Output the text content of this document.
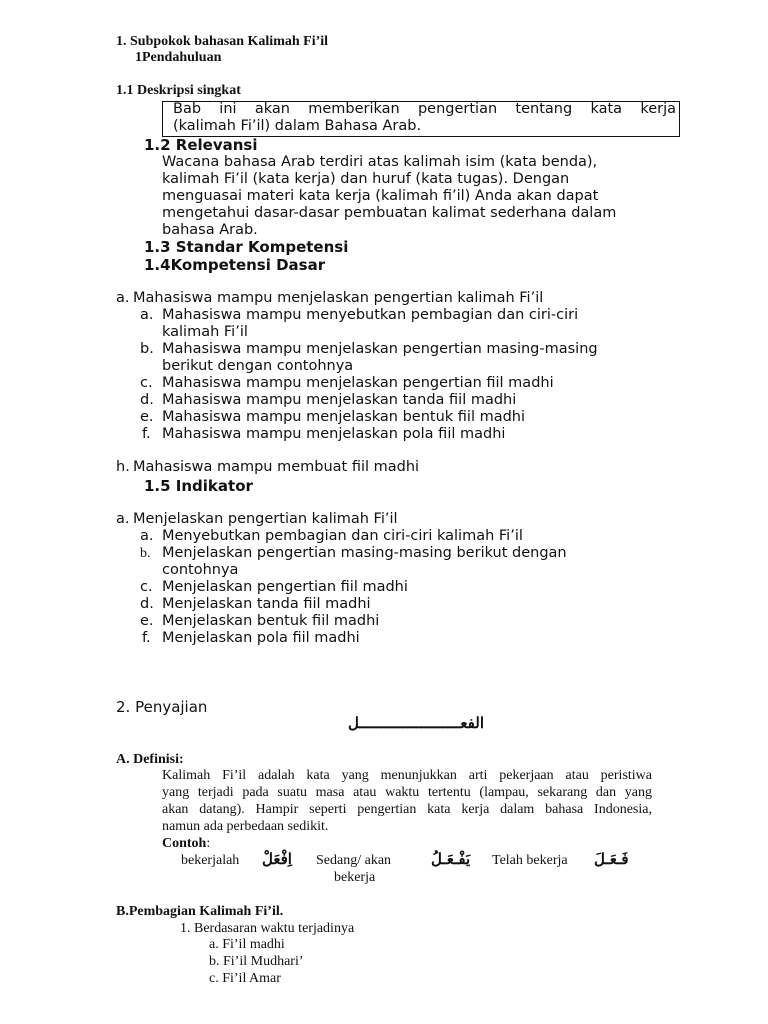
1. Subpokok bahasan Kalimah Fi’il
1Pendahuluan
1.1 Deskripsi singkat
Bab ini akan memberikan pengertian tentang kata kerja
(kalimah Fi’il) dalam Bahasa Arab.
1.2 Relevansi
Wacana bahasa Arab terdiri atas kalimah isim (kata benda),
kalimah Fi’il (kata kerja) dan huruf (kata tugas). Dengan
menguasai materi kata kerja (kalimah fi’il) Anda akan dapat
mengetahui dasar-dasar pembuatan kalimat sederhana dalam
bahasa Arab.
1.3 Standar Kompetensi
1.4Kompetensi Dasar
a. Mahasiswa mampu menjelaskan pengertian kalimah Fi’il
a. Mahasiswa mampu menyebutkan pembagian dan ciri-ciri
kalimah Fi’il
b. Mahasiswa mampu menjelaskan pengertian masing-masing
berikut dengan contohnya
c. Mahasiswa mampu menjelaskan pengertian fiil madhi
d. Mahasiswa mampu menjelaskan tanda fiil madhi
e. Mahasiswa mampu menjelaskan bentuk fiil madhi
f. Mahasiswa mampu menjelaskan pola fiil madhi
h. Mahasiswa mampu membuat fiil madhi
1.5 Indikator
a. Menjelaskan pengertian kalimah Fi’il
a. Menyebutkan pembagian dan ciri-ciri kalimah Fi’il
b. Menjelaskan pengertian masing-masing berikut dengan
contohnya
c. Menjelaskan pengertian fiil madhi
d. Menjelaskan tanda fiil madhi
e. Menjelaskan bentuk fiil madhi
f. Menjelaskan pola fiil madhi
2. Penyajian
الفعـــــــــــــــــــــــل
A. Definisi:
Kalimah Fi’il adalah kata yang menunjukkan arti pekerjaan atau peristiwa
yang terjadi pada suatu masa atau waktu tertentu (lampau, sekarang dan yang
akan datang). Hampir seperti pengertian kata kerja dalam bahasa Indonesia,
namun ada perbedaan sedikit.
Contoh:
bekerjalah اِفْعَلْ Sedang/ akan
bekerja
يَفْـعَـلُ Telah bekerja فَـعَـلَ
B.Pembagian Kalimah Fi’il.
1. Berdasaran waktu terjadinya
a. Fi’il madhi
b. Fi’il Mudhari’
c. Fi’il Amar
